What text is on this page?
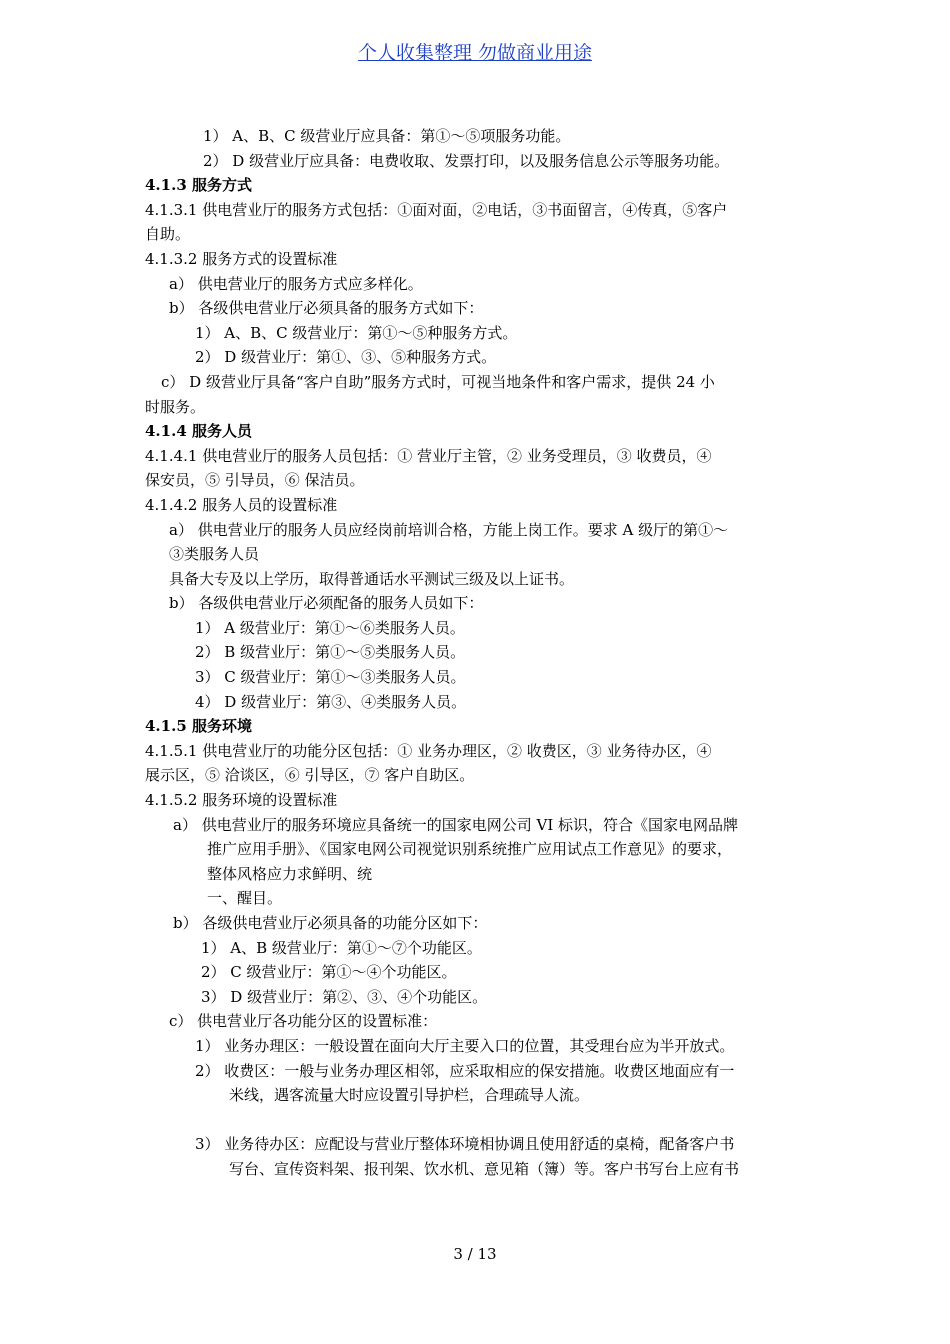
个人收集整理 勿做商业用途
1） A、B、C 级营业厅应具备：第①～⑤项服务功能。
2） D 级营业厅应具备：电费收取、发票打印，以及服务信息公示等服务功能。
4.1.3 服务方式
4.1.3.1 供电营业厅的服务方式包括：①面对面，②电话，③书面留言，④传真，⑤客户
自助。
4.1.3.2 服务方式的设置标准
a） 供电营业厅的服务方式应多样化。
b） 各级供电营业厅必须具备的服务方式如下：
1） A、B、C 级营业厅：第①～⑤种服务方式。
2） D 级营业厅：第①、③、⑤种服务方式。
c） D 级营业厅具备“客户自助”服务方式时，可视当地条件和客户需求，提供 24 小
时服务。
4.1.4 服务人员
4.1.4.1 供电营业厅的服务人员包括：① 营业厅主管，② 业务受理员，③ 收费员，④
保安员，⑤ 引导员，⑥ 保洁员。
4.1.4.2 服务人员的设置标准
a） 供电营业厅的服务人员应经岗前培训合格，方能上岗工作。要求 A 级厅的第①～
③类服务人员
具备大专及以上学历，取得普通话水平测试三级及以上证书。
b） 各级供电营业厅必须配备的服务人员如下：
1） A 级营业厅：第①～⑥类服务人员。
2） B 级营业厅：第①～⑤类服务人员。
3） C 级营业厅：第①～③类服务人员。
4） D 级营业厅：第③、④类服务人员。
4.1.5 服务环境
4.1.5.1 供电营业厅的功能分区包括：① 业务办理区，② 收费区，③ 业务待办区，④
展示区，⑤ 洽谈区，⑥ 引导区，⑦ 客户自助区。
4.1.5.2 服务环境的设置标准
a） 供电营业厅的服务环境应具备统一的国家电网公司 VI 标识，符合《国家电网品牌
推广应用手册》、《国家电网公司视觉识别系统推广应用试点工作意见》的要求，
整体风格应力求鲜明、统
一、醒目。
b） 各级供电营业厅必须具备的功能分区如下：
1） A、B 级营业厅：第①～⑦个功能区。
2） C 级营业厅：第①～④个功能区。
3） D 级营业厅：第②、③、④个功能区。
c） 供电营业厅各功能分区的设置标准：
1） 业务办理区：一般设置在面向大厅主要入口的位置，其受理台应为半开放式。
2） 收费区：一般与业务办理区相邻，应采取相应的保安措施。收费区地面应有一
米线，遇客流量大时应设置引导护栏，合理疏导人流。
3） 业务待办区：应配设与营业厅整体环境相协调且使用舒适的桌椅，配备客户书
写台、宣传资料架、报刊架、饮水机、意见箱（簿）等。客户书写台上应有书
3 / 13
